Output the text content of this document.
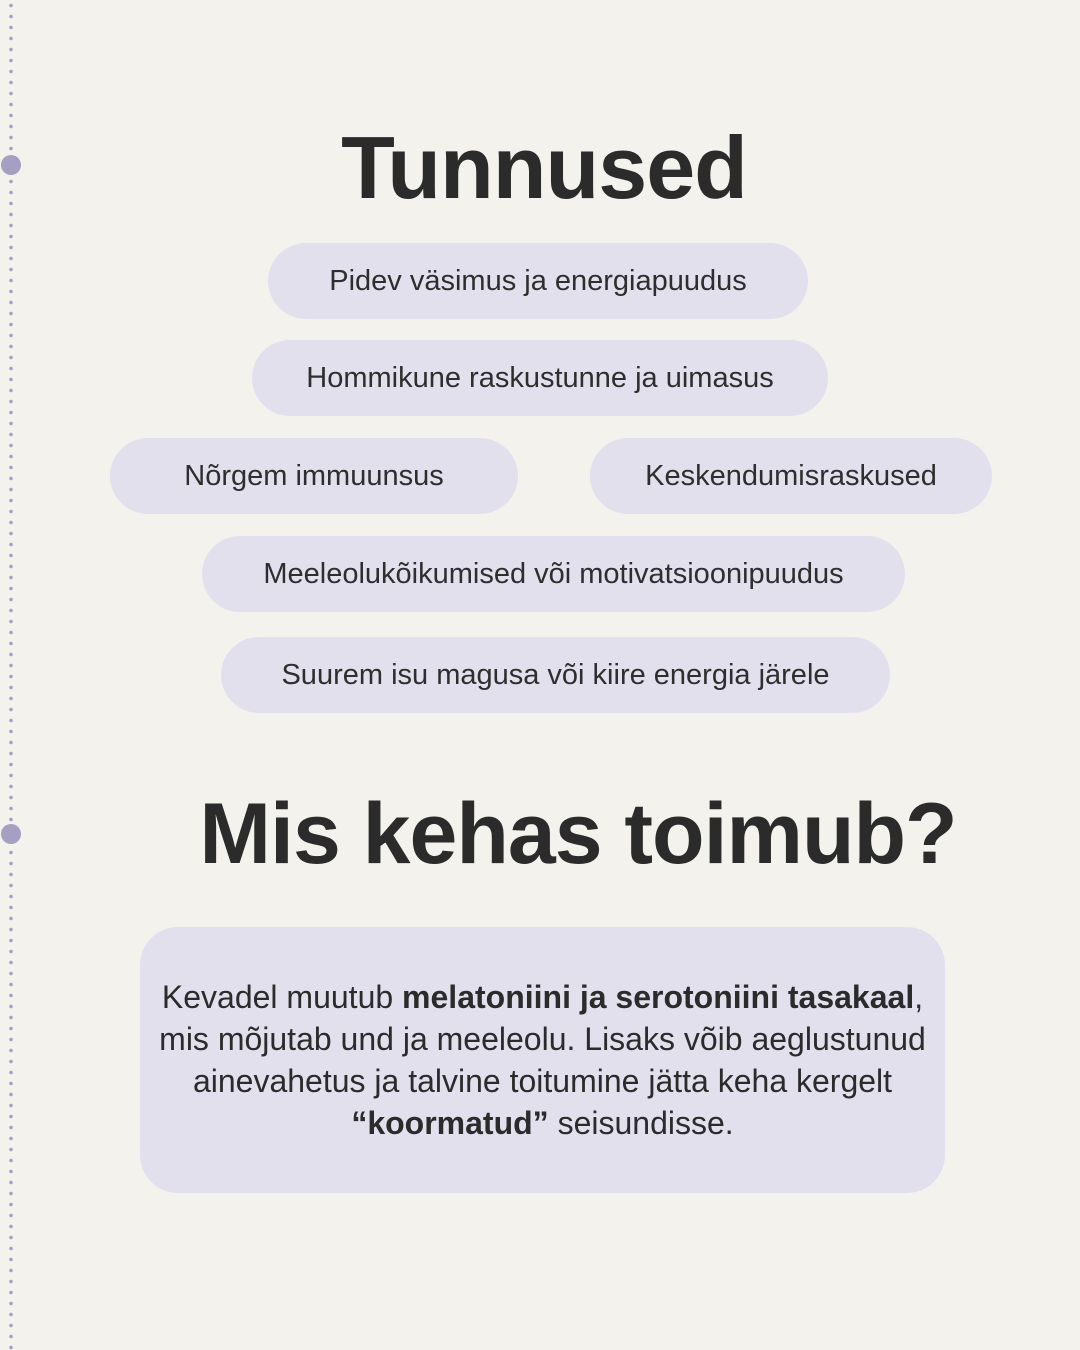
Tunnused
Pidev väsimus ja energiapuudus
Hommikune raskustunne ja uimasus
Nõrgem immuunsus	Keskendumisraskused
Meeleolukõikumised või motivatsioonipuudus
Suurem isu magusa või kiire energia järele
Mis kehas toimub?

Kevadel muutub melatoniini ja serotoniini tasakaal, mis mõjutab und ja meeleolu. Lisaks võib aeglustunud ainevahetus ja talvine toitumine jätta keha kergelt “koormatud” seisundisse.
